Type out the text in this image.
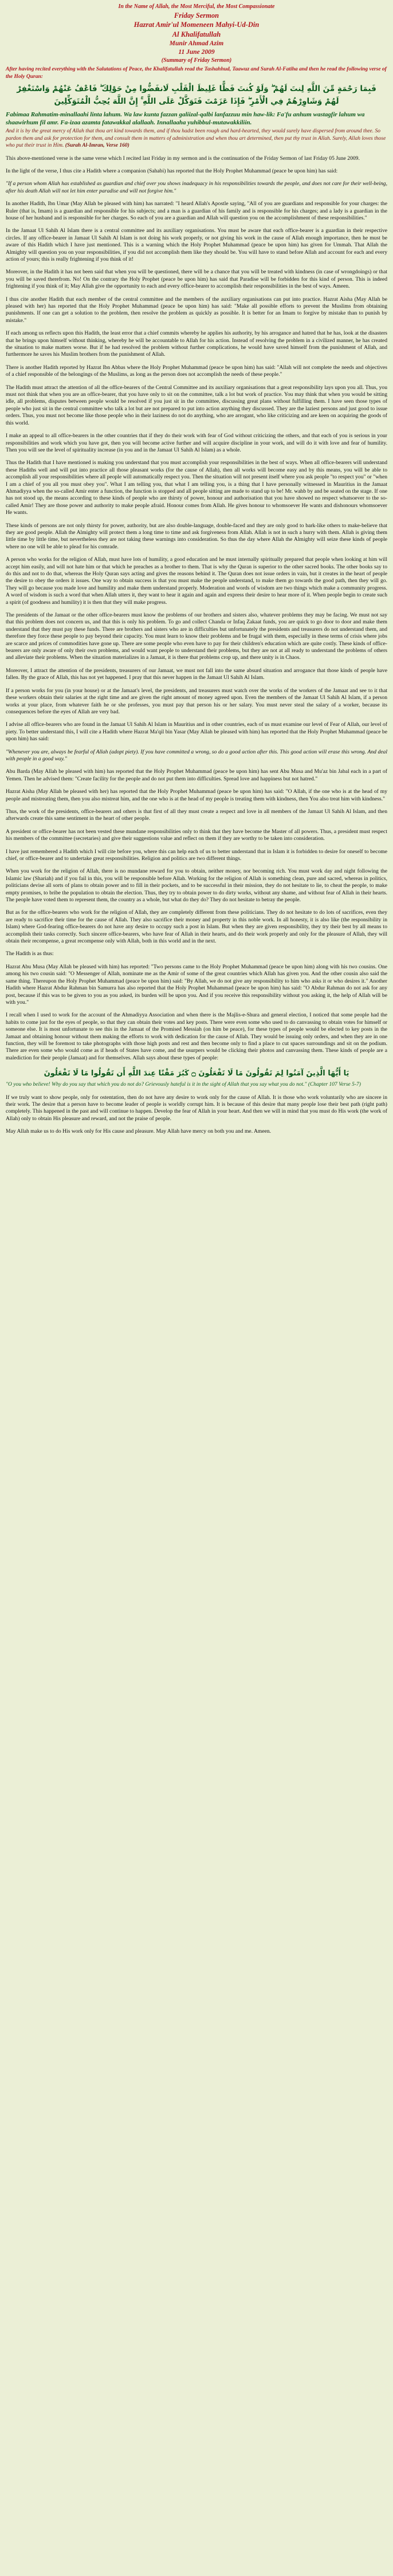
In the Name of Allah, the Most Merciful, the Most Compassionate
Friday Sermon
Hazrat Amir'ul Momeneen Mahyi-Ud-Din
Al Khalifatullah
Munir Ahmad Azim
11 June 2009
(Summary of Friday Sermon)
After having recited everything with the Salutations of Peace, the Khalifatullah read the Tashahhud, Taawuz and Surah Al-Fatiha and then he read the following verse of the Holy Quran:
فَبِمَا رَحْمَةٍ مِّنَ اللَّهِ لِنتَ لَهُمْ ۖ وَلَوْ كُنتَ فَظًّا غَلِيظَ الْقَلْبِ لَانفَضُّوا مِنْ حَوْلِكَ ۖ فَاعْفُ عَنْهُمْ وَاسْتَغْفِرْ لَهُمْ وَشَاوِرْهُمْ فِي الْأَمْرِ ۖ فَإِذَا عَزَمْتَ فَتَوَكَّلْ عَلَى اللَّهِ ۚ إِنَّ اللَّهَ يُحِبُّ الْمُتَوَكِّلِينَ
Fabimaa Rahmatim-minallaahi linta lahum. Wa law kunta fazzan galiizal-qalbi lanfazzuu min haw-lik: Fa'fu anhum wastagfir lahum wa shaawirhum fil amr. Fa-izaa azamta fatawakkal alallaah. Innallaaha yuhibbul-mutawakkiliin.
And it is by the great mercy of Allah that thou art kind towards them, and if thou hadst been rough and hard-hearted, they would surely have dispersed from around thee. So pardon them and ask for protection for them, and consult them in matters of administration and when thou art determined, then put thy trust in Allah. Surely, Allah loves those who put their trust in Him. (Surah Al-Imran, Verse 160)
This above-mentioned verse is the same verse which I recited last Friday in my sermon and is the continuation of the Friday Sermon of last Friday 05 June 2009.
In the light of the verse, I thus cite a Hadith where a companion (Sahabi) has reported that the Holy Prophet Muhammad (peace be upon him) has said:
"If a person whom Allah has established as guardian and chief over you shows inadequacy in his responsibilities towards the people, and does not care for their well-being, after his death Allah will not let him enter paradise and will not forgive him."
In another Hadith, Ibn Umar (May Allah be pleased with him) has narrated: "I heard Allah's Apostle saying, "All of you are guardians and responsible for your charges: the Ruler (that is, Imam) is a guardian and responsible for his subjects; and a man is a guardian of his family and is responsible for his charges; and a lady is a guardian in the house of her husband and is responsible for her charges. So each of you are a guardian and Allah will question you on the accomplishment of these responsibilities."
In the Jamaat Ul Sahih Al Islam there is a central committee and its auxiliary organisations. You must be aware that each office-bearer is a guardian in their respective circles. If any office-bearer in Jamaat Ul Sahih Al Islam is not doing his work properly, or not giving his work in the cause of Allah enough importance, then he must be aware of this Hadith which I have just mentioned. This is a warning which the Holy Prophet Muhammad (peace be upon him) has given for Ummah. That Allah the Almighty will question you on your responsibilities, if you did not accomplish them like they should be. You will have to stand before Allah and account for each and every action of yours; this is really frightening if you think of it!
Moreover, in the Hadith it has not been said that when you will be questioned, there will be a chance that you will be treated with kindness (in case of wrongdoings) or that you will be saved therefrom. No! On the contrary the Holy Prophet (peace be upon him) has said that Paradise will be forbidden for this kind of person. This is indeed frightening if you think of it; May Allah give the opportunity to each and every office-bearer to accomplish their responsibilities in the best of ways. Ameen.
I thus cite another Hadith that each member of the central committee and the members of the auxiliary organisations can put into practice. Hazrat Aisha (May Allah be pleased with her) has reported that the Holy Prophet Muhammad (peace be upon him) has said: "Make all possible efforts to prevent the Muslims from obtaining punishments. If one can get a solution to the problem, then resolve the problem as quickly as possible. It is better for an Imam to forgive by mistake than to punish by mistake."
If each among us reflects upon this Hadith, the least error that a chief commits whereby he applies his authority, by his arrogance and hatred that he has, look at the disasters that he brings upon himself without thinking, whereby he will be accountable to Allah for his action. Instead of resolving the problem in a civilized manner, he has created the situation to make matters worse. But if he had resolved the problem without further complications, he would have saved himself from the punishment of Allah, and furthermore he saves his Muslim brothers from the punishment of Allah.
There is another Hadith reported by Hazrat Ibn Abbas where the Holy Prophet Muhammad (peace be upon him) has said: "Allah will not complete the needs and objectives of a chief responsible of the belongings of the Muslims, as long as the person does not accomplish the needs of these people."
The Hadith must attract the attention of all the office-bearers of the Central Committee and its auxiliary organisations that a great responsibility lays upon you all. Thus, you must not think that when you are an office-bearer, that you have only to sit on the committee, talk a lot but work of practice. You may think that when you would be sitting idle, all problems, disputes between people would be resolved if you just sit in the committee, discussing great plans without fulfilling them. I have seen those types of people who just sit in the central committee who talk a lot but are not prepared to put into action anything they discussed. They are the laziest persons and just good to issue orders. Thus, you must not become like those people who in their laziness do not do anything, who are arrogant, who like criticizing and are keen on acquiring the goods of this world.
I make an appeal to all office-bearers in the other countries that if they do their work with fear of God without criticizing the others, and that each of you is serious in your responsibilities and work which you have got, then you will become active further and will acquire discipline in your work, and will do it with love and fear of humility. Then you will see the level of spirituality increase (in you and in the Jamaat Ul Sahih Al Islam) as a whole.
Thus the Hadith that I have mentioned is making you understand that you must accomplish your responsibilities in the best of ways. When all office-bearers will understand these Hadiths well and will put into practice all those pleasant works (for the cause of Allah), then all works will become easy and by this means, you will be able to accomplish all your responsibilities where all people will automatically respect you. Then the situation will not present itself where you ask people "to respect you" or "when I am a chief of you all you must obey you". What I am telling you, that what I am telling you, is a thing that I have personally witnessed in Mauritius in the Jamaat Ahmadiyya when the so-called Amir enter a function, the function is stopped and all people sitting are made to stand up to be! Mr. wahb by and be seated on the stage. If one has not stood up, the means according to these kinds of people who are thirsty of power, honour and authorisation that you have showed no respect whatsoever to the so-called Amir! They are those power and authority to make people afraid. Honour comes from Allah. He gives honour to whomsoever He wants and dishonours whomsoever He wants.
These kinds of persons are not only thirsty for power, authority, but are also double-language, double-faced and they are only good to bark-like others to make-believe that they are good people. Allah the Almighty will protect them a long time to time and ask forgiveness from Allah. Allah is not in such a hurry with them. Allah is giving them little time by little time, but nevertheless they are not taking these warnings into consideration. So thus the day where Allah the Almighty will seize these kinds of people where no one will be able to plead for his comrade.
A person who works for the religion of Allah, must have lots of humility, a good education and he must internally spiritually prepared that people when looking at him will accept him easily, and will not hate him or that which he preaches as a brother to them. That is why the Quran is superior to the other sacred books. The other books say to do this and not to do that, whereas the Holy Quran says acting and gives the reasons behind it. The Quran does not issue orders in vain, but it creates in the heart of people the desire to obey the orders it issues. One way to obtain success is that you must make the people understand, to make them go towards the good path, then they will go. They will go because you made love and humility and make them understand properly. Moderation and words of wisdom are two things which make a community progress. A word of wisdom is such a word that when Allah utters it, they want to hear it again and again and express their desire to hear more of it. When people begin to create such a spirit (of goodness and humility) it is then that they will make progress.
The presidents of the Jamaat or the other office-bearers must know the problems of our brothers and sisters also, whatever problems they may be facing. We must not say that this problem does not concern us, and that this is only his problem. To go and collect Chanda or Infaq Zakaat funds, you are quick to go door to door and make them understand that they must pay these funds. There are brothers and sisters who are in difficulties but unfortunately the presidents and treasurers do not understand them, and therefore they force these people to pay beyond their capacity. You must learn to know their problems and be frugal with them, especially in these terms of crisis where jobs are scarce and prices of commodities have gone up. There are some people who even have to pay for their children's education which are quite costly. These kinds of office-bearers are only aware of only their own problems, and would want people to understand their problems, but they are not at all ready to understand the problems of others and alleviate their problems. When the situation materializes in a Jamaat, it is there that problems crop up, and there unity is in Chaos.
Moreover, I attract the attention of the presidents, treasurers of our Jamaat, we must not fall into the same absurd situation and arrogance that those kinds of people have fallen. By the grace of Allah, this has not yet happened. I pray that this never happen in the Jamaat Ul Sahih Al Islam.
If a person works for you (in your house) or at the Jamaat's level, the presidents, and treasurers must watch over the works of the workers of the Jamaat and see to it that these workers obtain their salaries at the right time and are given the right amount of money agreed upon. Even the members of the Jamaat Ul Sahih Al Islam, if a person works at your place, from whatever faith he or she professes, you must pay that person his or her salary. You must never steal the salary of a worker, because its consequences before the eyes of Allah are very bad.
I advise all office-bearers who are found in the Jamaat Ul Sahih Al Islam in Mauritius and in other countries, each of us must examine our level of Fear of Allah, our level of piety. To better understand this, I will cite a Hadith where Hazrat Ma'qil bin Yasar (May Allah be pleased with him) has reported that the Holy Prophet Muhammad (peace be upon him) has said:
"Whenever you are, always be fearful of Allah (adopt piety). If you have committed a wrong, so do a good action after this. This good action will erase this wrong. And deal with people in a good way."
Abu Barda (May Allah be pleased with him) has reported that the Holy Prophet Muhammad (peace be upon him) has sent Abu Musa and Mu'az bin Jabal each in a part of Yemen. Then he advised them: "Create facility for the people and do not put them into difficulties. Spread love and happiness but not hatred."
Hazrat Aisha (May Allah be pleased with her) has reported that the Holy Prophet Muhammad (peace be upon him) has said: "O Allah, if the one who is at the head of my people and mistreating them, then you also mistreat him, and the one who is at the head of my people is treating them with kindness, then You also treat him with kindness."
Thus, the work of the presidents, office-bearers and others is that first of all they must create a respect and love in all members of the Jamaat Ul Sahih Al Islam, and then afterwards create this same sentiment in the heart of other people.
A president or office-bearer has not been vested these mundane responsibilities only to think that they have become the Master of all powers. Thus, a president must respect his members of the committee (secretaries) and give their suggestions value and reflect on them if they are worthy to be taken into consideration.
I have just remembered a Hadith which I will cite before you, where this can help each of us to better understand that in Islam it is forbidden to desire for oneself to become chief, or office-bearer and to undertake great responsibilities. Religion and politics are two different things.
When you work for the religion of Allah, there is no mundane reward for you to obtain, neither money, nor becoming rich. You must work day and night following the Islamic law (Shariah) and if you fail in this, you will be responsible before Allah. Working for the religion of Allah is something clean, pure and sacred, whereas in politics, politicians devise all sorts of plans to obtain power and to fill in their pockets, and to be successful in their mission, they do not hesitate to lie, to cheat the people, to make empty promises, to bribe the population to obtain the election. Thus, they try to obtain power to do dirty works, without any shame, and without fear of Allah in their hearts. The people have voted them to represent them, the country as a whole, but what do they do? They do not hesitate to betray the people.
But as for the office-bearers who work for the religion of Allah, they are completely different from these politicians. They do not hesitate to do lots of sacrifices, even they are ready to sacrifice their time for the cause of Allah. They also sacrifice their money and property in this noble work. In all honesty, it is also like (the responsibility in Islam) where God-fearing office-bearers do not have any desire to occupy such a post in Islam. But when they are given responsibility, they try their best by all means to accomplish their tasks correctly. Such sincere office-bearers, who have fear of Allah in their hearts, and do their work properly and only for the pleasure of Allah, they will obtain their recompense, a great recompense only with Allah, both in this world and in the next.
The Hadith is as thus:
Hazrat Abu Musa (May Allah be pleased with him) has reported: "Two persons came to the Holy Prophet Muhammad (peace be upon him) along with his two cousins. One among his two cousin said: "O Messenger of Allah, nominate me as the Amir of some of the great countries which Allah has given you. And the other cousin also said the same thing. Thereupon the Holy Prophet Muhammad (peace be upon him) said: "By Allah, we do not give any responsibility to him who asks it or who desires it." Another Hadith where Hazrat Abdur Rahman bin Samurra has also reported that the Holy Prophet Muhammad (peace be upon him) has said: "O Abdur Rahman do not ask for any post, because if this was to be given to you as you asked, its burden will be upon you. And if you receive this responsibility without you asking it, the help of Allah will be with you."
I recall when I used to work for the account of the Ahmadiyya Association and when there is the Majlis-e-Shura and general election, I noticed that some people had the habits to come just for the eyes of people, so that they can obtain their votes and key posts. There were even some who used to do canvassing to obtain votes for himself or someone else. It is most unfortunate to see this in the Jamaat of the Promised Messiah (on him be peace), for these types of people would be elected to key posts in the Jamaat and obtaining honour without them making the efforts to work with dedication for the cause of Allah. They would be issuing only orders, and when they are in one function, they will be foremost to take photographs with those high posts and rest and then become only to find a place to cut spaces surroundings and sit on the podium. There are even some who would come as if heads of States have come, and the usurpers would be clicking their photos and canvassing them. These kinds of people are a malediction for their people (Jamaat) and for themselves. Allah says about these types of people:
يَا أَيُّهَا الَّذِينَ آمَنُوا لِمَ تَقُولُونَ مَا لَا تَفْعَلُونَ ۝ كَبُرَ مَقْتًا عِندَ اللَّهِ أَن تَقُولُوا مَا لَا تَفْعَلُونَ
"O you who believe! Why do you say that which you do not do? Grievously hateful is it in the sight of Allah that you say what you do not." (Chapter 107 Verse 5-7)
If we truly want to show people, only for ostentation, then do not have any desire to work only for the cause of Allah. It is those who work voluntarily who are sincere in their work. The desire that a person have to become leader of people is worldly corrupt him. It is because of this desire that many people lose their best path (right path) completely. This happened in the past and will continue to happen. Develop the fear of Allah in your heart. And then we will in mind that you must do His work (the work of Allah) only to obtain His pleasure and reward, and not the praise of people.
May Allah make us to do His work only for His cause and pleasure. May Allah have mercy on both you and me. Ameen.
